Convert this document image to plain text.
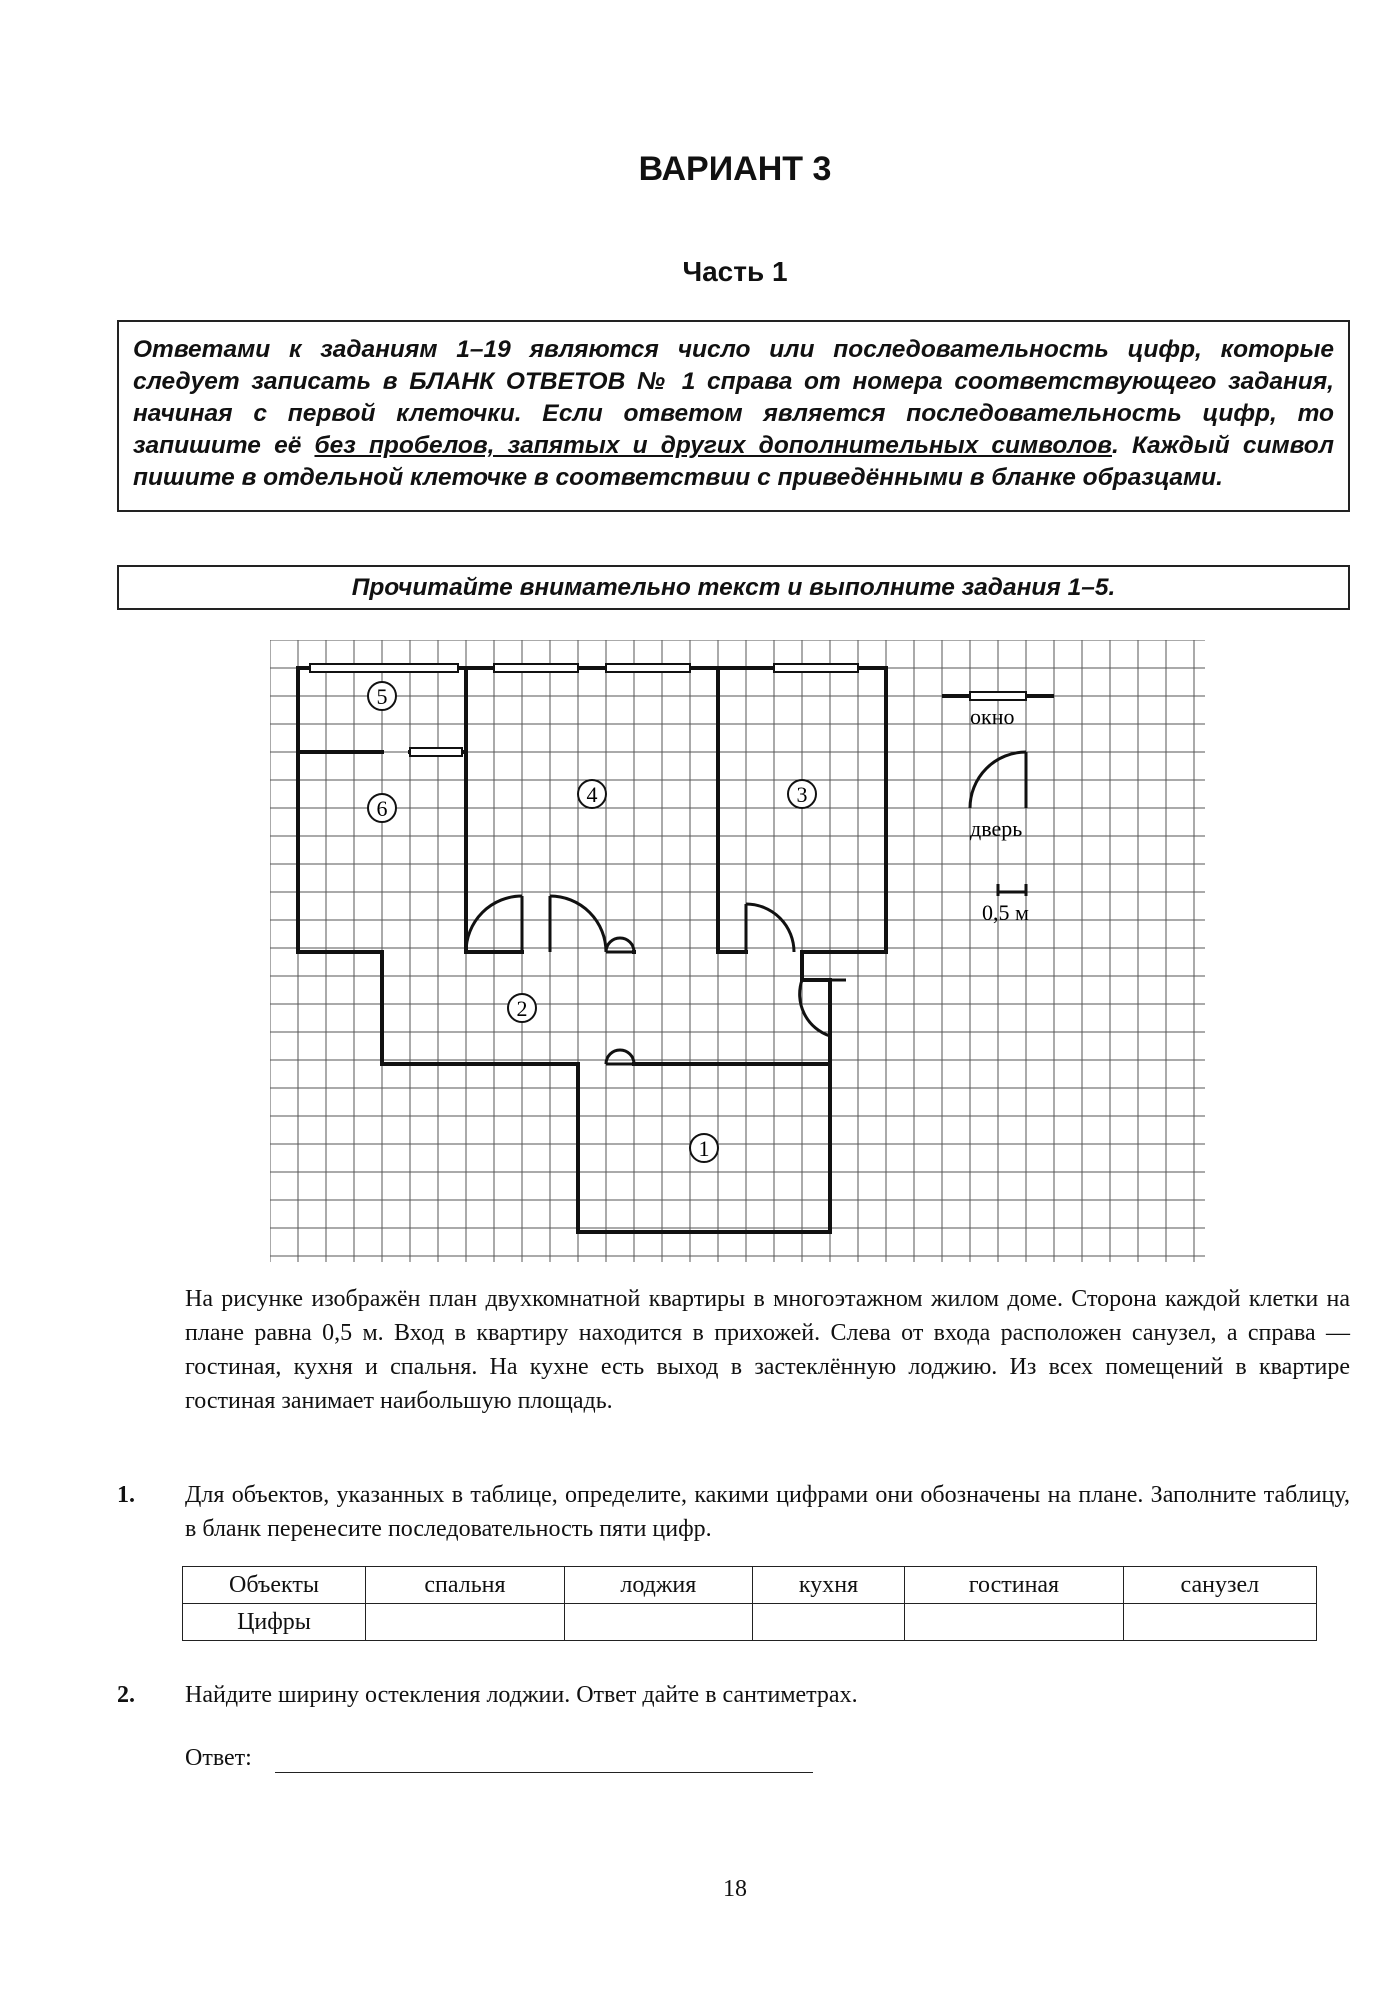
ВАРИАНТ 3
Часть 1
Ответами к заданиям 1–19 являются число или последовательность цифр, которые следует записать в БЛАНК ОТВЕТОВ № 1 справа от номера соответствующего задания, начиная с первой клеточки. Если ответом является последовательность цифр, то запишите её без пробелов, запятых и других дополнительных символов. Каждый символ пишите в отдельной клеточке в соответствии с приведёнными в бланке образцами.
Прочитайте внимательно текст и выполните задания 1–5.
5
6
4	3
2
1
окно
дверь
0,5 м
На рисунке изображён план двухкомнатной квартиры в многоэтажном жилом доме. Сторона каждой клетки на плане равна 0,5 м. Вход в квартиру находится в прихожей. Слева от входа расположен санузел, а справа — гостиная, кухня и спальня. На кухне есть выход в застеклённую лоджию. Из всех помещений в квартире гостиная занимает наибольшую площадь.
1. Для объектов, указанных в таблице, определите, какими цифрами они обозначены на плане. Заполните таблицу, в бланк перенесите последовательность пяти цифр.
Объекты	спальня	лоджия	кухня	гостиная	санузел
Цифры					
2. Найдите ширину остекления лоджии. Ответ дайте в сантиметрах.
Ответ:
18
